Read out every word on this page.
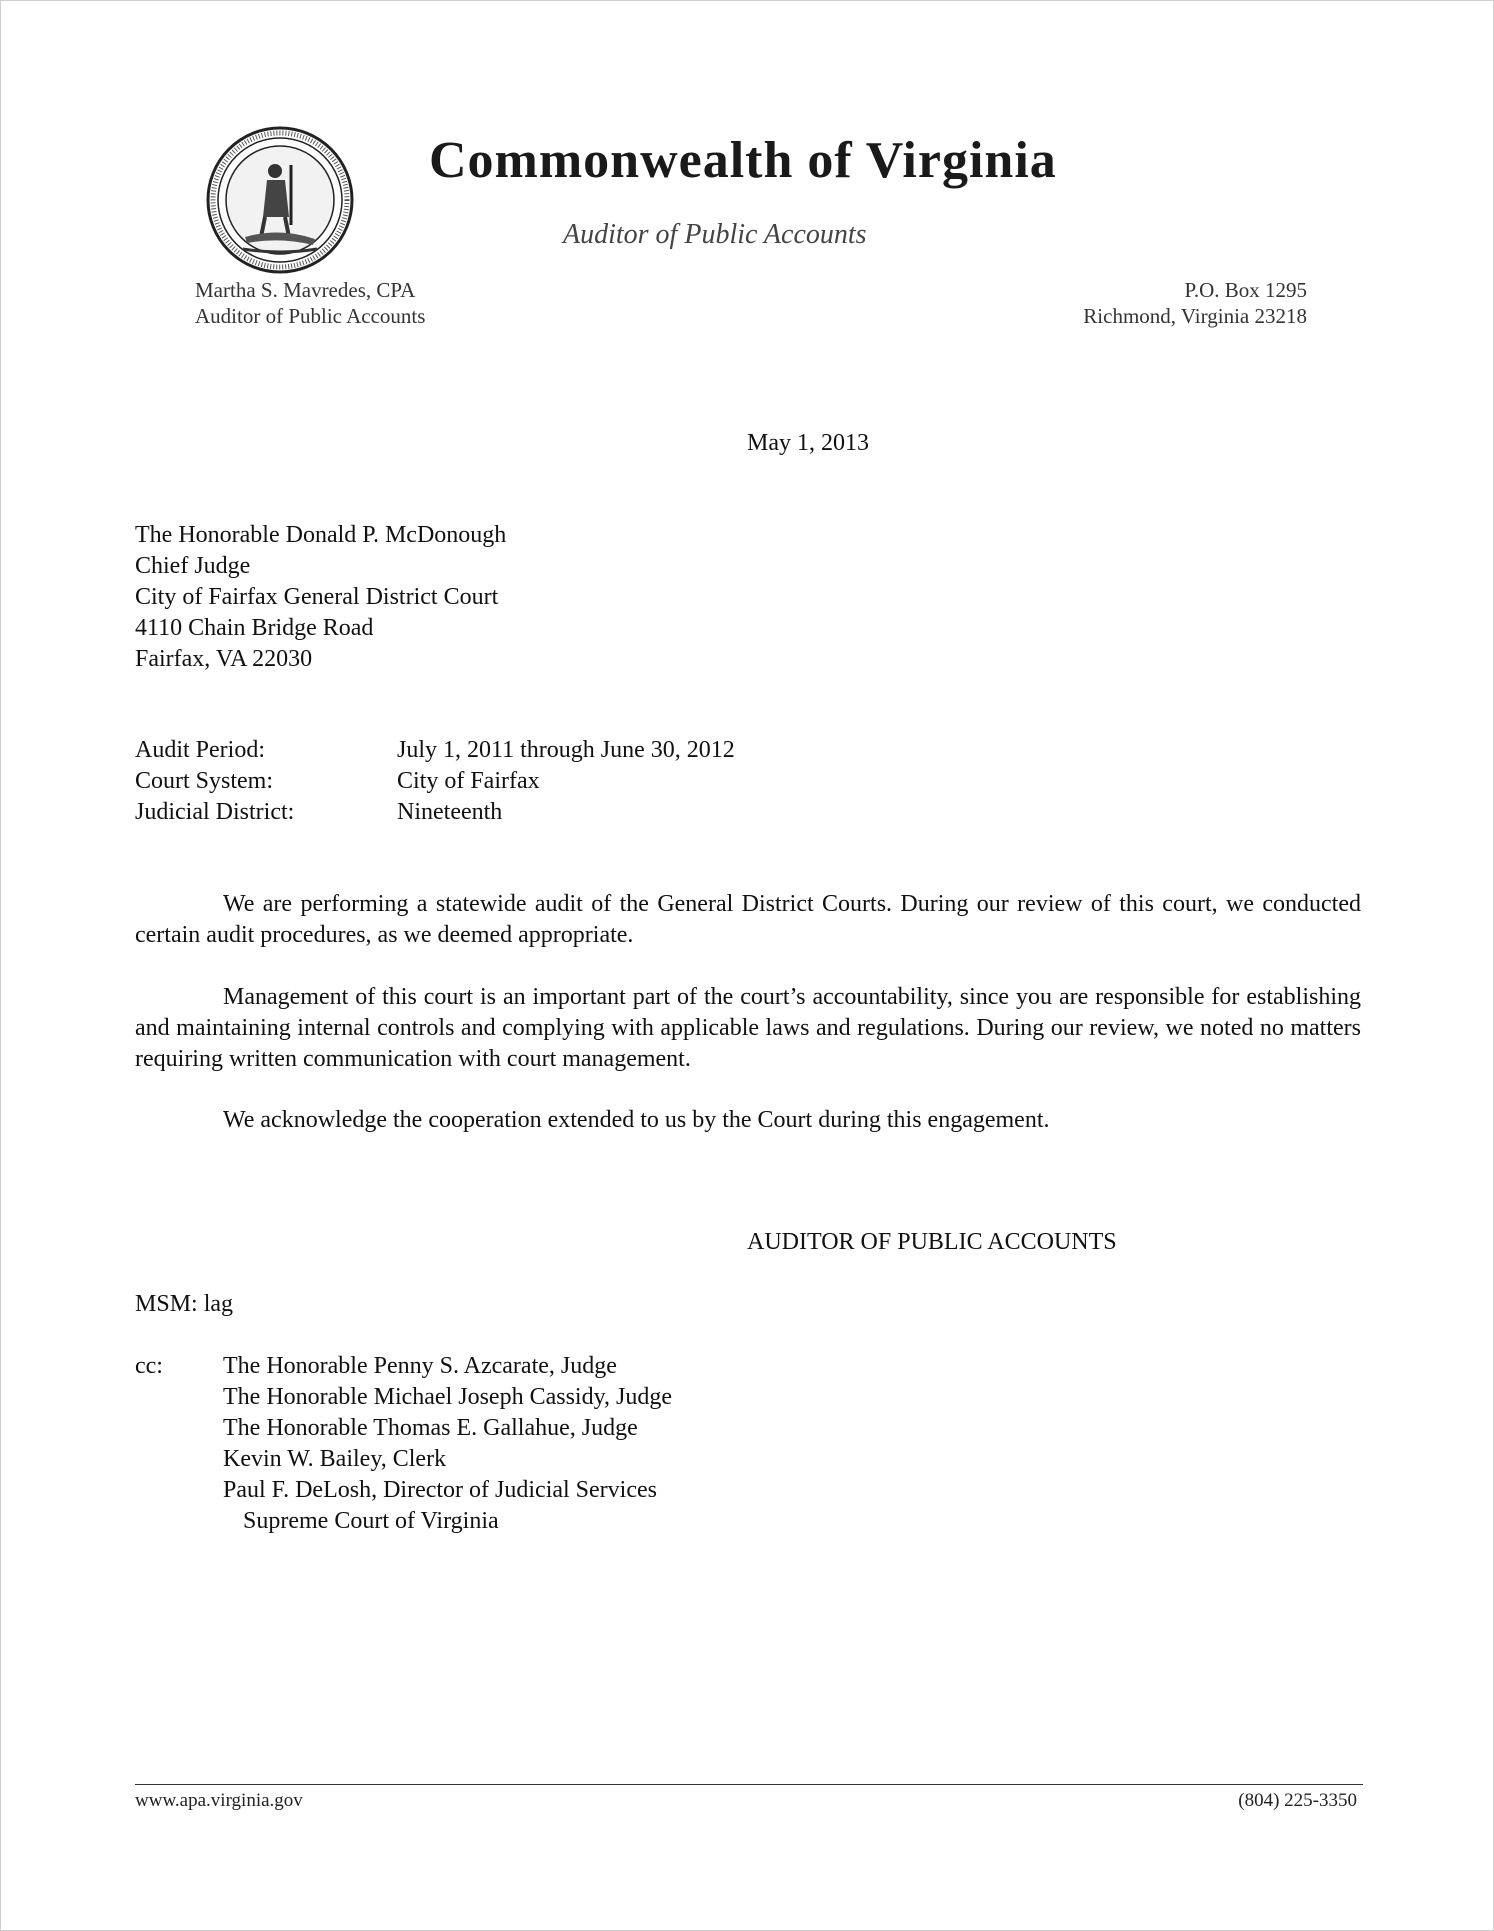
Commonwealth of Virginia
Auditor of Public Accounts
Martha S. Mavredes, CPA
Auditor of Public Accounts
P.O. Box 1295
Richmond, Virginia 23218
May 1, 2013
The Honorable Donald P. McDonough
Chief Judge
City of Fairfax General District Court
4110 Chain Bridge Road
Fairfax, VA 22030
Audit Period:	July 1, 2011 through June 30, 2012
Court System:	City of Fairfax
Judicial District:	Nineteenth
We are performing a statewide audit of the General District Courts. During our review of this court, we conducted certain audit procedures, as we deemed appropriate.
Management of this court is an important part of the court’s accountability, since you are responsible for establishing and maintaining internal controls and complying with applicable laws and regulations. During our review, we noted no matters requiring written communication with court management.
We acknowledge the cooperation extended to us by the Court during this engagement.
AUDITOR OF PUBLIC ACCOUNTS
MSM: lag
cc:	The Honorable Penny S. Azcarate, Judge
The Honorable Michael Joseph Cassidy, Judge
The Honorable Thomas E. Gallahue, Judge
Kevin W. Bailey, Clerk
Paul F. DeLosh, Director of Judicial Services
Supreme Court of Virginia
www.apa.virginia.gov	(804) 225-3350
